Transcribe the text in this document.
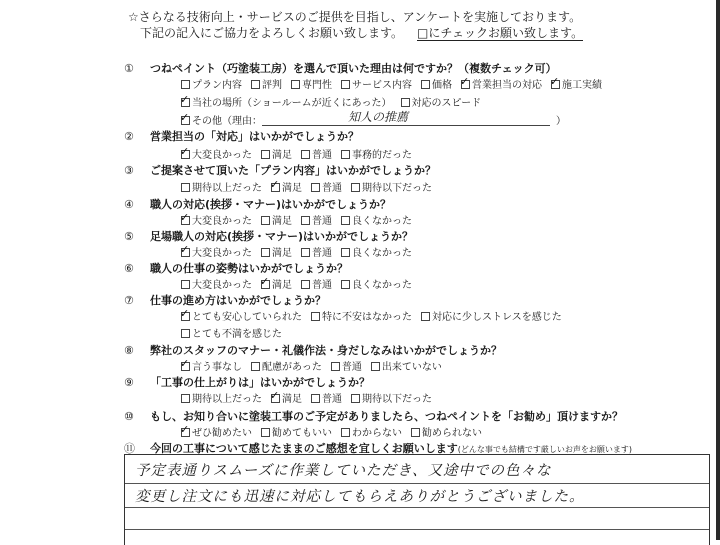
☆さらなる技術向上・サービスのご提供を目指し、アンケートを実施しております。
下記の記入にご協力をよろしくお願い致します。 □にチェックお願い致します。
① つねペイント（巧塗装工房）を選んで頂いた理由は何ですか？（複数チェック可）
プラン内容 評判 専門性 サービス内容 価格 ✓ 営業担当の対応 ✓ 施工実績
✓当社の場所（ショールームが近くにあった） 対応のスピード
✓その他（理由：	知人の推薦	）
② 営業担当の「対応」はいかがでしょうか？
✓大変良かった 満足 普通 事務的だった
③ ご提案させて頂いた「プラン内容」はいかがでしょうか？
期待以上だった ✓ 満足 普通 期待以下だった
④ 職人の対応(挨拶・マナー)はいかがでしょうか？
✓大変良かった 満足 普通 良くなかった
⑤ 足場職人の対応(挨拶・マナー)はいかがでしょうか？
✓大変良かった 満足 普通 良くなかった
⑥ 職人の仕事の姿勢はいかがでしょうか？
大変良かった ✓ 満足 普通 良くなかった
⑦ 仕事の進め方はいかがでしょうか？
✓とても安心していられた 特に不安はなかった 対応に少しストレスを感じた
とても不満を感じた
⑧ 弊社のスタッフのマナー・礼儀作法・身だしなみはいかがでしょうか？
✓言う事なし 配慮があった 普通 出来ていない
⑨ 「工事の仕上がりは」はいかがでしょうか？
期待以上だった ✓ 満足 普通 期待以下だった
⑩ もし、お知り合いに塗装工事のご予定がありましたら、つねペイントを「お勧め」頂けますか？
✓ぜひ勧めたい 勧めてもいい わからない 勧められない
⑪ 今回の工事について感じたままのご感想を宜しくお願いします(どんな事でも結構です厳しいお声をお願います)
予定表通りスムーズに作業していただき、又途中での色々な
変更し注文にも迅速に対応してもらえありがとうございました。
